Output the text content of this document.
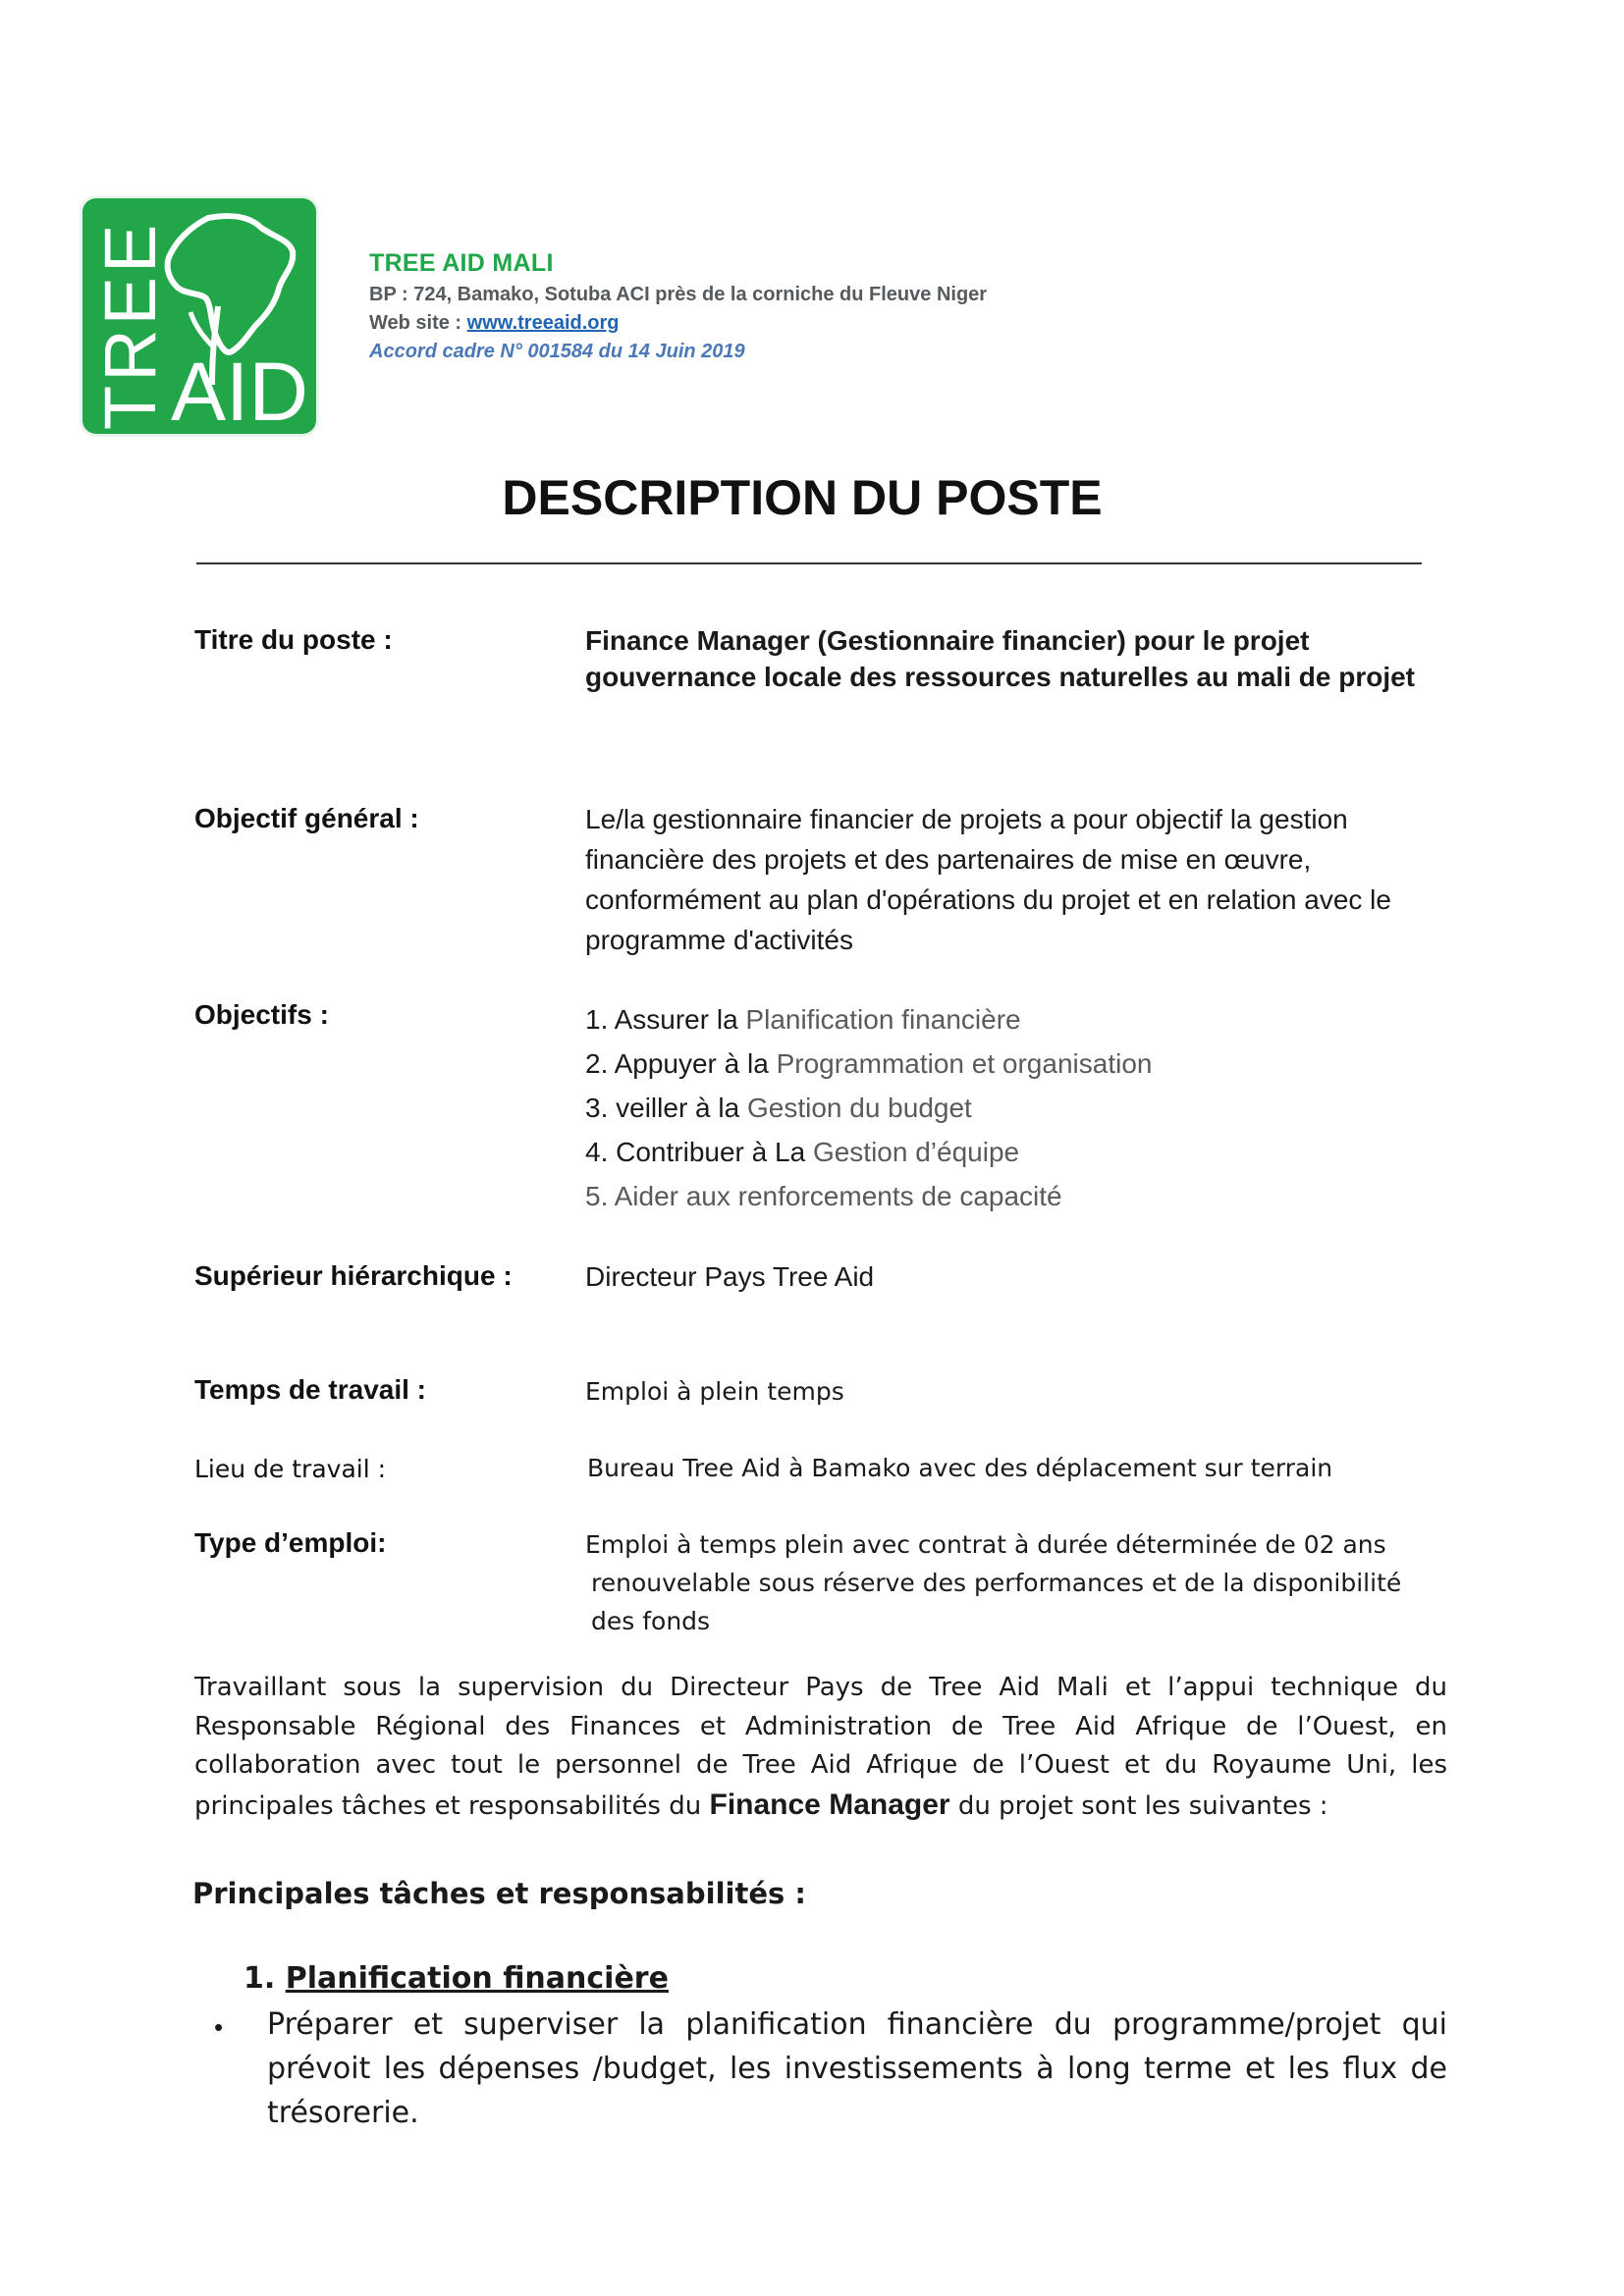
TREE AID
TREE AID MALI
BP : 724, Bamako, Sotuba ACI près de la corniche du Fleuve Niger
Web site : www.treeaid.org
Accord cadre N° 001584 du 14 Juin 2019
DESCRIPTION DU POSTE
Titre du poste :	Finance Manager (Gestionnaire financier) pour le projet gouvernance locale des ressources naturelles au mali de projet
Objectif général :	Le/la gestionnaire financier de projets a pour objectif la gestion financière des projets et des partenaires de mise en œuvre, conformément au plan d'opérations du projet et en relation avec le programme d'activités
Objectifs :	1. Assurer la Planification financière
2. Appuyer à la Programmation et organisation
3. veiller à la Gestion du budget
4. Contribuer à La Gestion d’équipe
5. Aider aux renforcements de capacité
Supérieur hiérarchique :	Directeur Pays Tree Aid
Temps de travail :	Emploi à plein temps
Lieu de travail :	Bureau Tree Aid à Bamako avec des déplacement sur terrain
Type d’emploi:	Emploi à temps plein avec contrat à durée déterminée de 02 ans
renouvelable sous réserve des performances et de la disponibilité
des fonds
Travaillant sous la supervision du Directeur Pays de Tree Aid Mali et l’appui technique du Responsable Régional des Finances et Administration de Tree Aid Afrique de l’Ouest, en collaboration avec tout le personnel de Tree Aid Afrique de l’Ouest et du Royaume Uni, les principales tâches et responsabilités du Finance Manager du projet sont les suivantes :
Principales tâches et responsabilités :
1. Planification financière
• Préparer et superviser la planification financière du programme/projet qui prévoit les dépenses /budget, les investissements à long terme et les flux de trésorerie.
